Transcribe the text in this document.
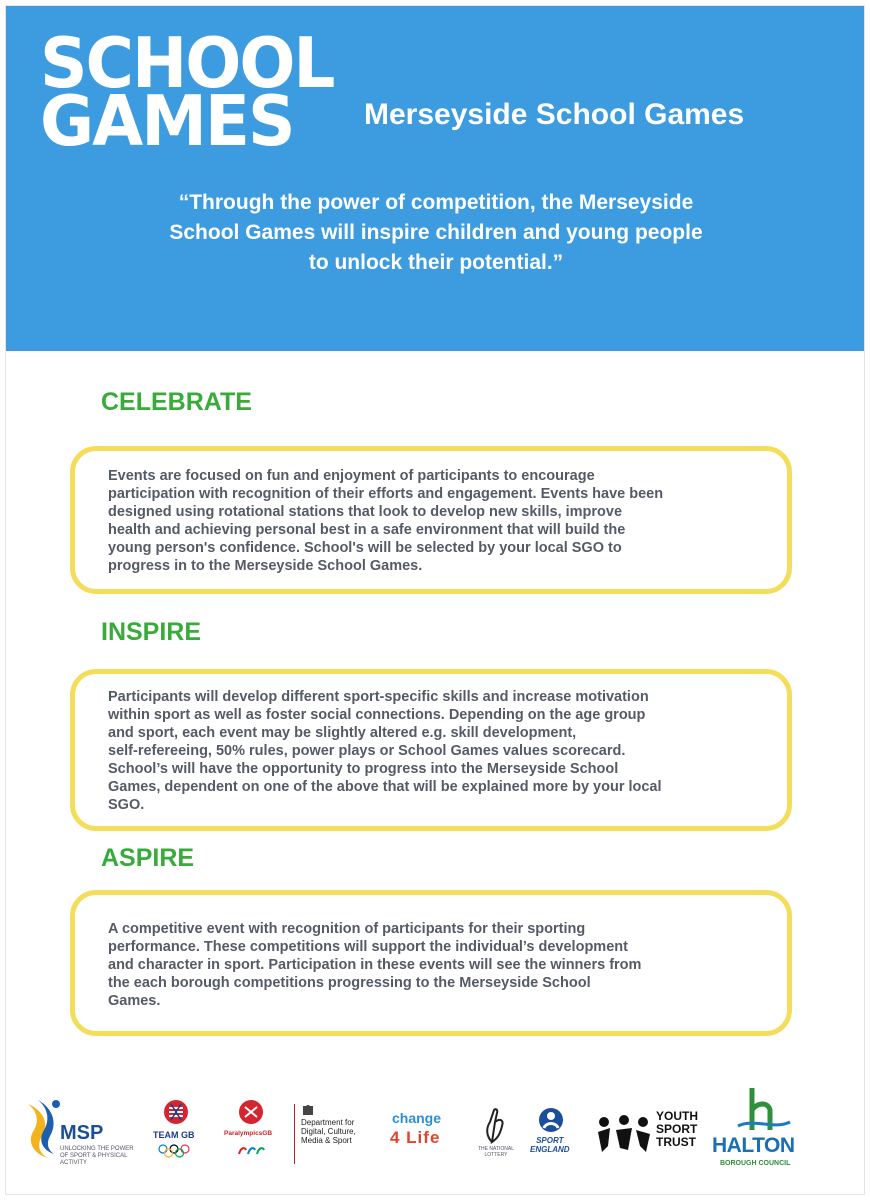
SCHOOL
GAMES Merseyside School Games
“Through the power of competition, the Merseyside
School Games will inspire children and young people
to unlock their potential.”
CELEBRATE
Events are focused on fun and enjoyment of participants to encourage
participation with recognition of their efforts and engagement. Events have been
designed using rotational stations that look to develop new skills, improve
health and achieving personal best in a safe environment that will build the
young person's confidence. School's will be selected by your local SGO to
progress in to the Merseyside School Games.
INSPIRE
Participants will develop different sport-specific skills and increase motivation
within sport as well as foster social connections. Depending on the age group
and sport, each event may be slightly altered e.g. skill development,
self-refereeing, 50% rules, power plays or School Games values scorecard.
School’s will have the opportunity to progress into the Merseyside School
Games, dependent on one of the above that will be explained more by your local
SGO.
ASPIRE
A competitive event with recognition of participants for their sporting
performance. These competitions will support the individual’s development
and character in sport. Participation in these events will see the winners from
the each borough competitions progressing to the Merseyside School
Games.
MSP
UNLOCKING THE POWER OF SPORT & PHYSICAL ACTIVITY
TEAM GB	ParalympicsGB
Department for
Digital, Culture,
Media & Sport
change
4 Life
THE NATIONAL LOTTERY
SPORT
ENGLAND
YOUTH
SPORT
TRUST HALTON
BOROUGH COUNCIL
